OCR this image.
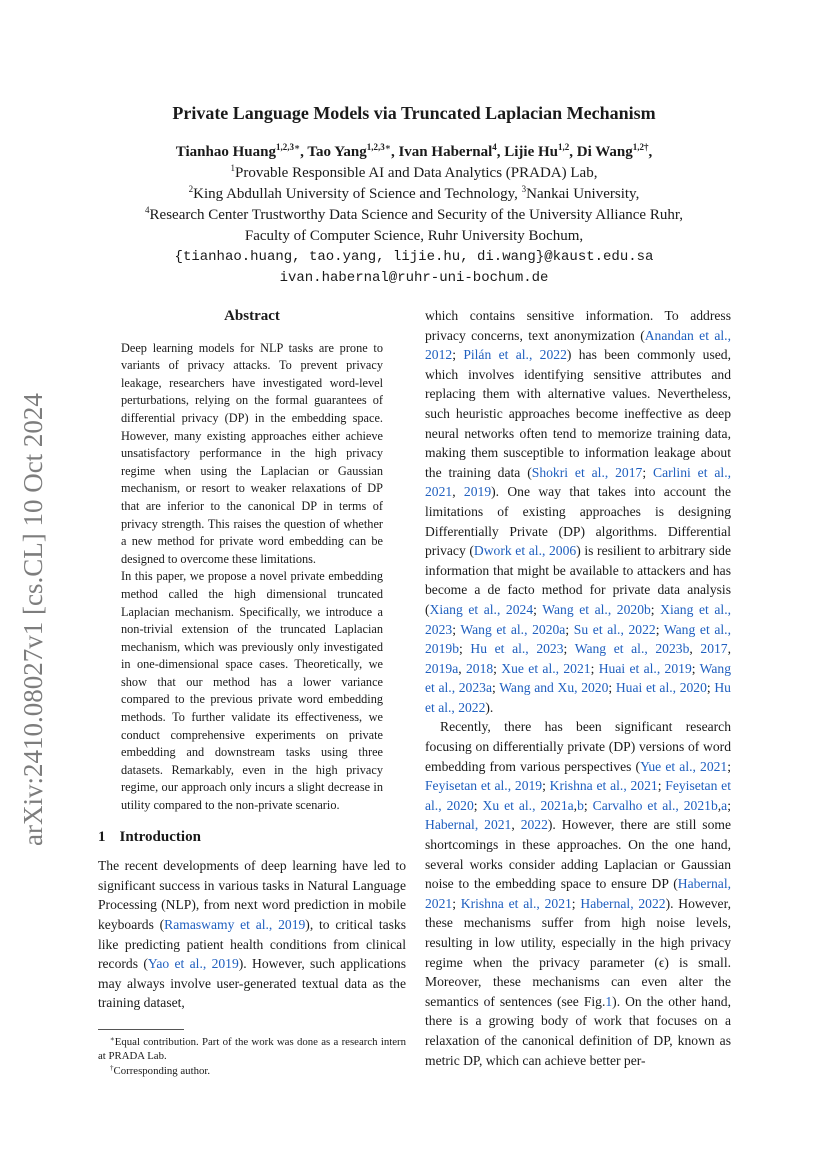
Private Language Models via Truncated Laplacian Mechanism
Tianhao Huang$^{1,2,3∗}$, Tao Yang$^{1,2,3∗}$, Ivan Habernal$^4$, Lijie Hu$^{1,2}$, Di Wang$^{1,2\dagger}$,
$^1$Provable Responsible AI and Data Analytics (PRADA) Lab,
$^2$King Abdullah University of Science and Technology, $^3$Nankai University,
$^4$Research Center Trustworthy Data Science and Security of the University Alliance Ruhr,
Faculty of Computer Science, Ruhr University Bochum,
{tianhao.huang, tao.yang, lijie.hu, di.wang}@kaust.edu.sa
ivan.habernal@ruhr-uni-bochum.de
arXiv:2410.08027v1 [cs.CL] 10 Oct 2024
Abstract

Deep learning models for NLP tasks are prone to variants of privacy attacks. To prevent privacy leakage, researchers have investigated word-level perturbations, relying on the formal guarantees of differential privacy (DP) in the embedding space. However, many existing approaches either achieve unsatisfactory performance in the high privacy regime when using the Laplacian or Gaussian mechanism, or resort to weaker relaxations of DP that are inferior to the canonical DP in terms of privacy strength. This raises the question of whether a new method for private word embedding can be designed to overcome these limitations.

In this paper, we propose a novel private embedding method called the high dimensional truncated Laplacian mechanism. Specifically, we introduce a non-trivial extension of the truncated Laplacian mechanism, which was previously only investigated in one-dimensional space cases. Theoretically, we show that our method has a lower variance compared to the previous private word embedding methods. To further validate its effectiveness, we conduct comprehensive experiments on private embedding and downstream tasks using three datasets. Remarkably, even in the high privacy regime, our approach only incurs a slight decrease in utility compared to the non-private scenario.

1 Introduction

The recent developments of deep learning have led to significant success in various tasks in Natural Language Processing (NLP), from next word prediction in mobile keyboards (Ramaswamy et al., 2019), to critical tasks like predicting patient health conditions from clinical records (Yao et al., 2019). However, such applications may always involve user-generated textual data as the training dataset,

which contains sensitive information. To address privacy concerns, text anonymization (Anandan et al., 2012; Pilán et al., 2022) has been commonly used, which involves identifying sensitive attributes and replacing them with alternative values. Nevertheless, such heuristic approaches become ineffective as deep neural networks often tend to memorize training data, making them susceptible to information leakage about the training data (Shokri et al., 2017; Carlini et al., 2021, 2019). One way that takes into account the limitations of existing approaches is designing Differentially Private (DP) algorithms. Differential privacy (Dwork et al., 2006) is resilient to arbitrary side information that might be available to attackers and has become a de facto method for private data analysis (Xiang et al., 2024; Wang et al., 2020b; Xiang et al., 2023; Wang et al., 2020a; Su et al., 2022; Wang et al., 2019b; Hu et al., 2023; Wang et al., 2023b, 2017, 2019a, 2018; Xue et al., 2021; Huai et al., 2019; Wang et al., 2023a; Wang and Xu, 2020; Huai et al., 2020; Hu et al., 2022).

Recently, there has been significant research focusing on differentially private (DP) versions of word embedding from various perspectives (Yue et al., 2021; Feyisetan et al., 2019; Krishna et al., 2021; Feyisetan et al., 2020; Xu et al., 2021a,b; Carvalho et al., 2021b,a; Habernal, 2021, 2022). However, there are still some shortcomings in these approaches. On the one hand, several works consider adding Laplacian or Gaussian noise to the embedding space to ensure DP (Habernal, 2021; Krishna et al., 2021; Habernal, 2022). However, these mechanisms suffer from high noise levels, resulting in low utility, especially in the high privacy regime when the privacy parameter (ϵ) is small. Moreover, these mechanisms can even alter the semantics of sentences (see Fig.1). On the other hand, there is a growing body of work that focuses on a relaxation of the canonical definition of DP, known as metric DP, which can achieve better per-

∗Equal contribution. Part of the work was done as a research intern at PRADA Lab.

†Corresponding author.
